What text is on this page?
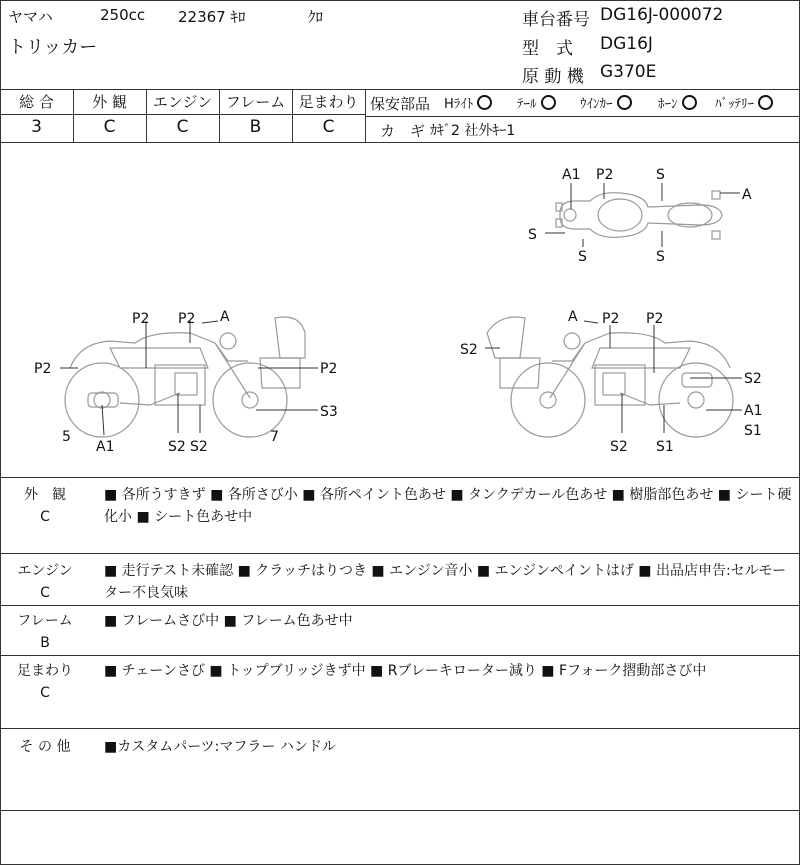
ヤマハ	250cc 22367 ｷﾛ	ｸﾛ
トリッカー
車台番号 DG16J-000072
型　式 DG16J
原 動 機 G370E
総 合	外 観	エンジン フレーム 足まわり
3	C	C	B	C
保安部品 Hﾗｲﾄ	ﾃｰﾙ	ｳｲﾝｶｰ	ﾎｰﾝ	ﾊﾞｯﾃﾘｰ
カ　ギ ｶｷﾞ2 社外ｷｰ1
A1 P2	S
A
S
S	S
P2
P2	A
P2
P2
S3
5
A1	S2 S2
7
A P2 P2
S2
S2
A1
S1
S2 S1
外　観
C
■ 各所うすきず ■ 各所さび小 ■ 各所ペイント色あせ ■ タンクデカール色あせ ■ 樹脂部色あせ ■ シート硬化小 ■ シート色あせ中
エンジン
C
■ 走行テスト未確認 ■ クラッチはりつき ■ エンジン音小 ■ エンジンペイントはげ ■ 出品店申告:セルモーター不良気味
フレーム
B
■ フレームさび中 ■ フレーム色あせ中
足まわり
C
■ チェーンさび ■ トップブリッジきず中 ■ Rブレーキローター減り ■ Fフォーク摺動部さび中
そ の 他	■カスタムパーツ:マフラー ハンドル
